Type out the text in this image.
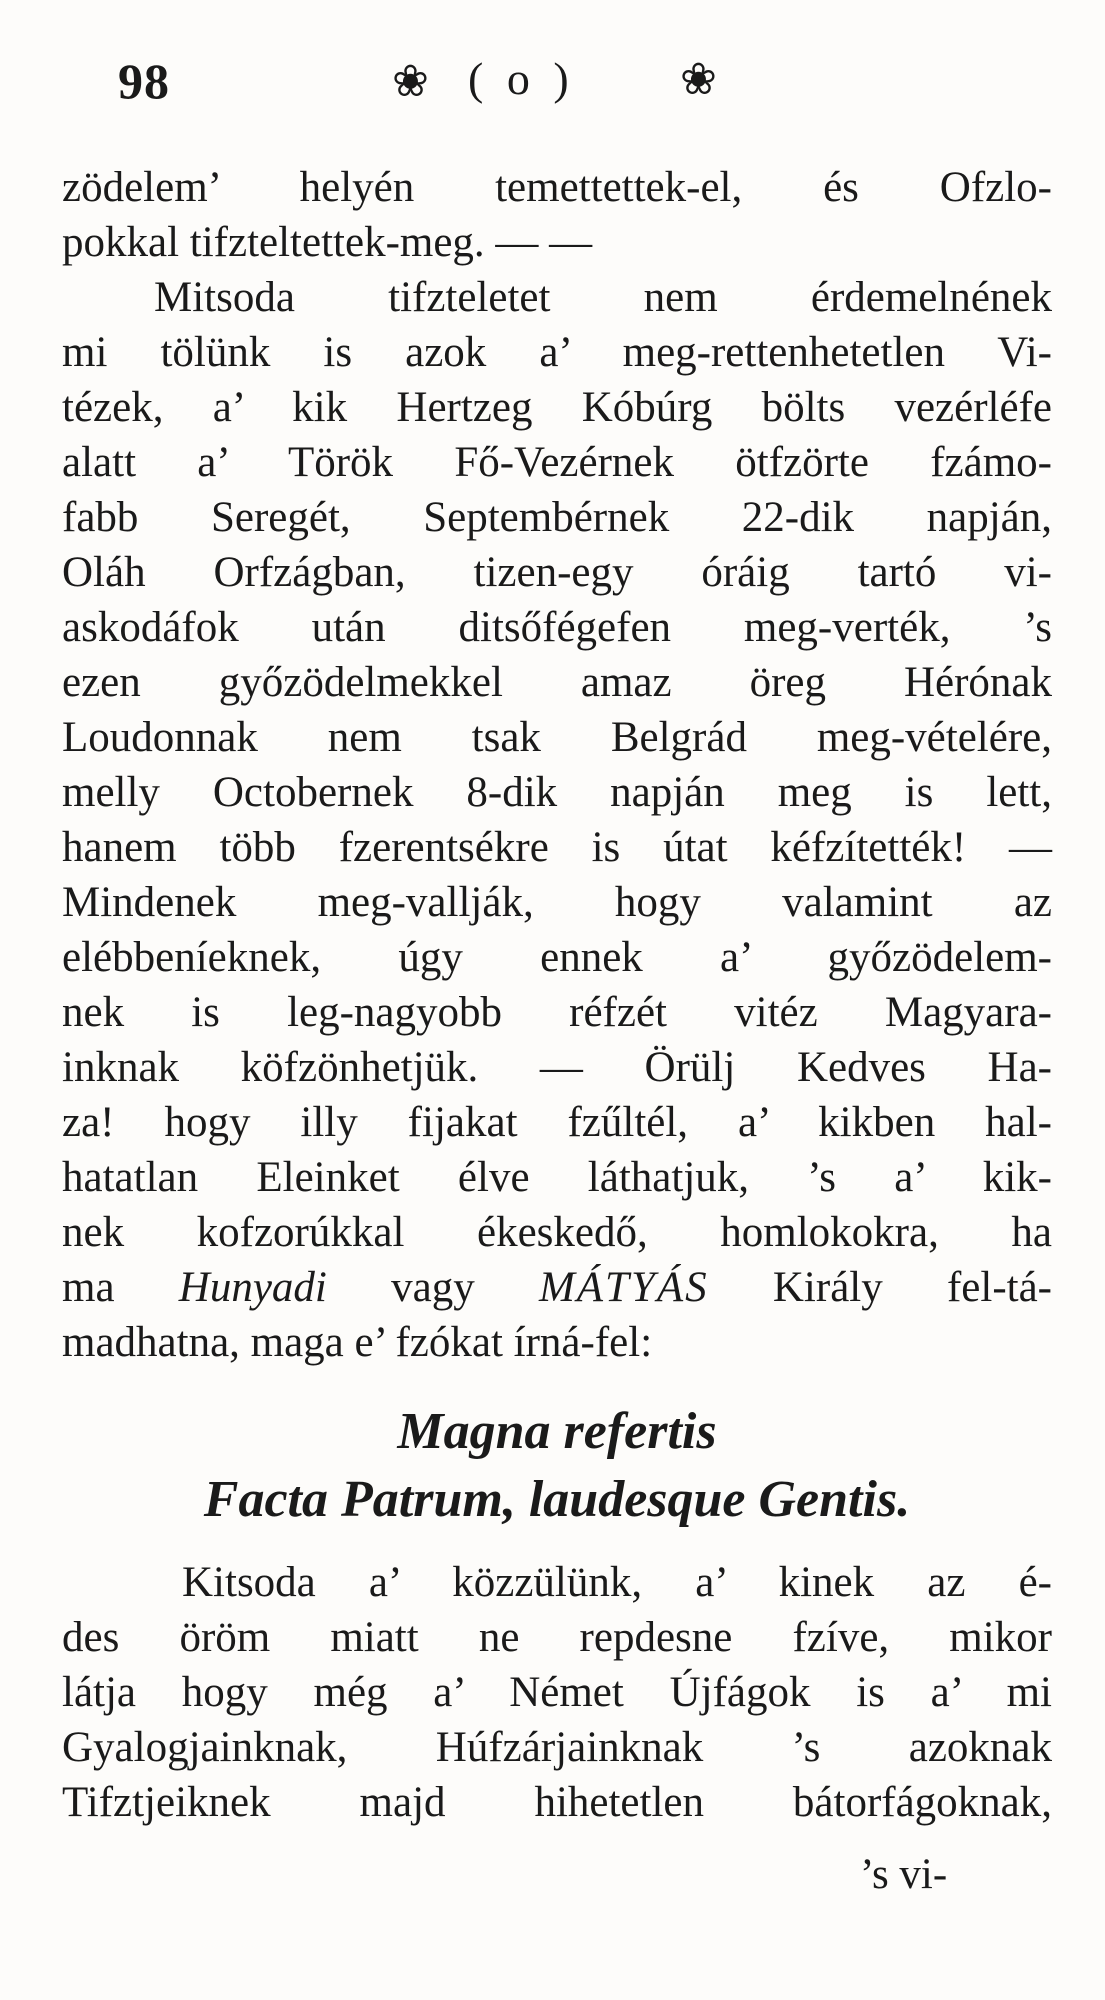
98	❀ ( o ) ❀
zödelem’ helyén temettettek-el, és Ofzlo-
pokkal tifzteltettek-meg. — —
Mitsoda tifzteletet nem érdemelnének
mi tölünk is azok a’ meg-rettenhetetlen Vi-
tézek, a’ kik Hertzeg Kóbúrg bölts vezérléfe
alatt a’ Török Fő-Vezérnek ötfzörte fzámo-
fabb Seregét, Septembérnek 22-dik napján,
Oláh Orfzágban, tizen-egy óráig tartó vi-
askodáfok után ditsőfégefen meg-verték, ’s
ezen győzödelmekkel amaz öreg Hérónak
Loudonnak nem tsak Belgrád meg-vételére,
melly Octobernek 8-dik napján meg is lett,
hanem több fzerentsékre is útat kéfzítették! —
Mindenek meg-vallják, hogy valamint az
elébbeníeknek, úgy ennek a’ győzödelem-
nek is leg-nagyobb réfzét vitéz Magyara-
inknak köfzönhetjük. — Örülj Kedves Ha-
za! hogy illy fijakat fzűltél, a’ kikben hal-
hatatlan Eleinket élve láthatjuk, ’s a’ kik-
nek kofzorúkkal ékeskedő, homlokokra, ha
ma Hunyadi vagy MÁTYÁS Király fel-tá-
madhatna, maga e’ fzókat írná-fel:
Magna refertis
Facta Patrum, laudesque Gentis.
Kitsoda a’ közzülünk, a’ kinek az é-
des öröm miatt ne repdesne fzíve, mikor
látja hogy még a’ Német Újfágok is a’ mi
Gyalogjainknak, Húfzárjainknak ’s azoknak
Tifztjeiknek majd hihetetlen bátorfágoknak,
’s vi-
